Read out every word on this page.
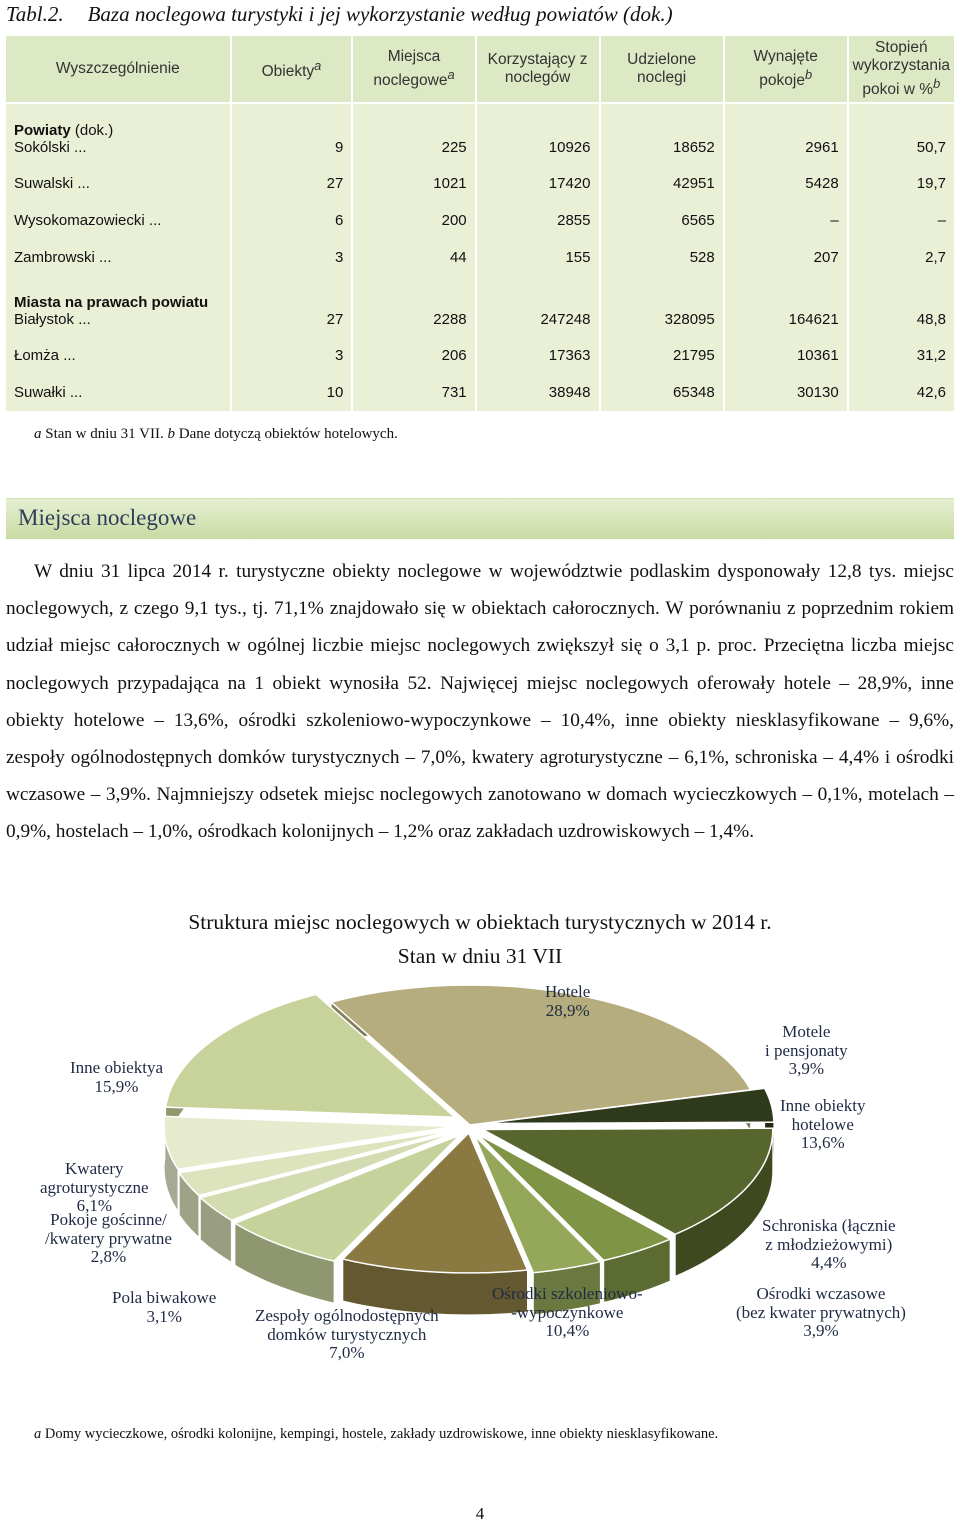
Tabl.2. Baza noclegowa turystyki i jej wykorzystanie według powiatów (dok.)
Wyszczególnienie	Obiekty$^a$	Miejsca noclegowe$^a$	Korzystający z noclegów	Udzielone noclegi	Wynajęte pokoje$^b$	Stopień wykorzystania pokoi w %$^b$

Powiaty (dok.)
Sokólski ...	9	225	10926	18652	2961	50,7
Suwalski ...	27	1021	17420	42951	5428	19,7
Wysokomazowiecki ...	6	200	2855	6565	–	–
Zambrowski ...	3	44	155	528	207	2,7

Miasta na prawach powiatu
Białystok ...	27	2288	247248	328095	164621	48,8
Łomża ...	3	206	17363	21795	10361	31,2
Suwałki ...	10	731	38948	65348	30130	42,6
a Stan w dniu 31 VII. b Dane dotyczą obiektów hotelowych.
Miejsca noclegowe

W dniu 31 lipca 2014 r. turystyczne obiekty noclegowe w województwie podlaskim dysponowały 12,8 tys. miejsc noclegowych, z czego 9,1 tys., tj. 71,1% znajdowało się w obiektach całorocznych. W porównaniu z poprzednim rokiem udział miejsc całorocznych w ogólnej liczbie miejsc noclegowych zwiększył się o 3,1 p. proc. Przeciętna liczba miejsc noclegowych przypadająca na 1 obiekt wynosiła 52. Najwięcej miejsc noclegowych oferowały hotele – 28,9%, inne obiekty hotelowe – 13,6%, ośrodki szkoleniowo-wypoczynkowe – 10,4%, inne obiekty niesklasyfikowane – 9,6%, zespoły ogólnodostępnych domków turystycznych – 7,0%, kwatery agroturystyczne – 6,1%, schroniska – 4,4% i ośrodki wczasowe – 3,9%. Najmniejszy odsetek miejsc noclegowych zanotowano w domach wycieczkowych – 0,1%, motelach – 0,9%, hostelach – 1,0%, ośrodkach kolonijnych – 1,2% oraz zakładach uzdrowiskowych – 1,4%.

Struktura miejsc noclegowych w obiektach turystycznych w 2014 r.
Stan w dniu 31 VII
Hotele
28,9%
Motele
i pensjonaty
3,9%
Inne obiekty
hotelowe
13,6%
Schroniska (łącznie
z młodzieżowymi)
4,4%
Ośrodki wczasowe
(bez kwater prywatnych)
3,9%
Ośrodki szkoleniowo-
-wypoczynkowe
10,4%
Zespoły ogólnodostępnych
domków turystycznych
7,0%
Pola biwakowe
3,1%
Pokoje gościnne/
/kwatery prywatne
2,8%
Kwatery
agroturystyczne
6,1%
Inne obiektya
15,9%
a Domy wycieczkowe, ośrodki kolonijne, kempingi, hostele, zakłady uzdrowiskowe, inne obiekty niesklasyfikowane.
4
